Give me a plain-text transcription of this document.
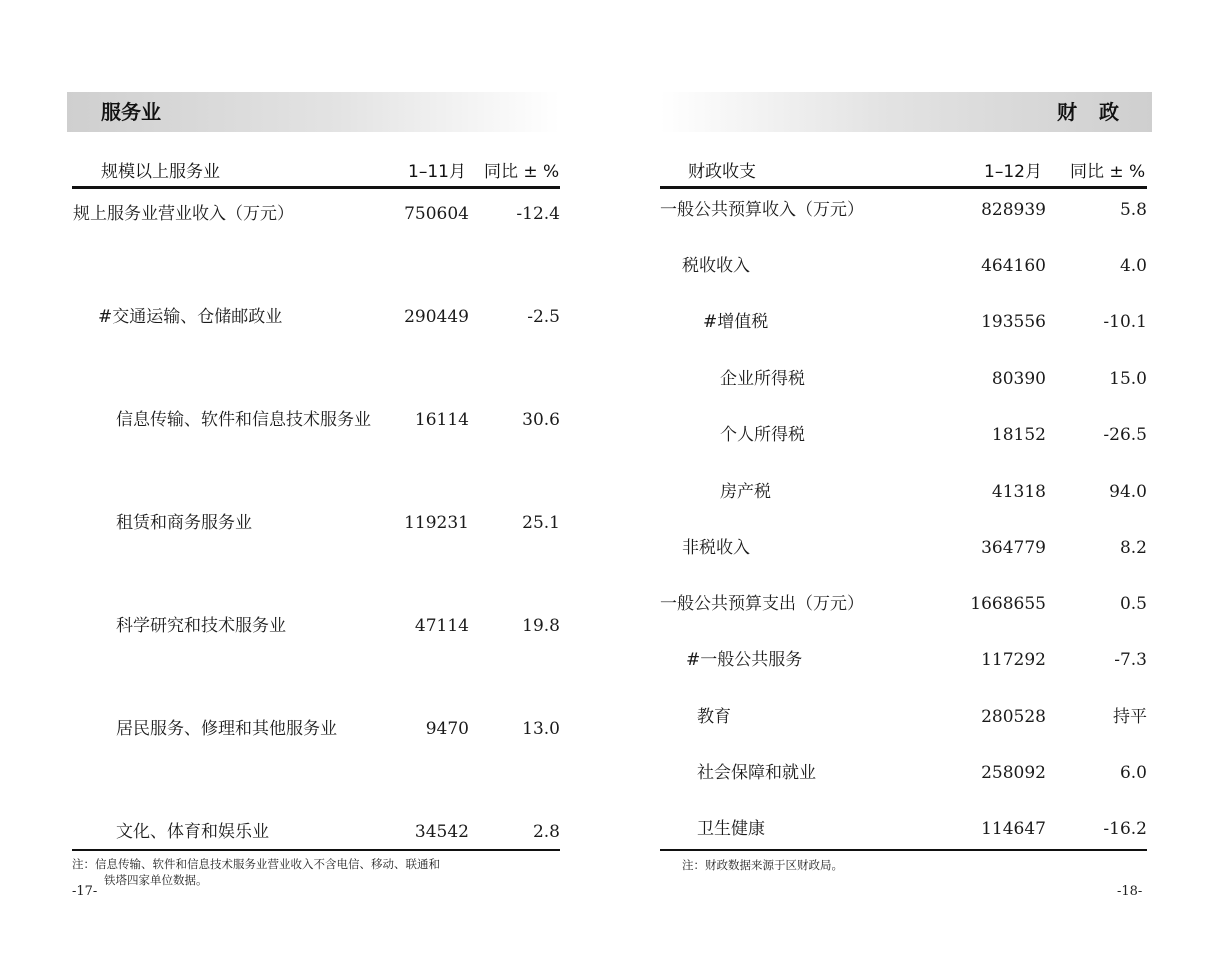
服务业
规模以上服务业	1–11月 同比 ± %
规上服务业营业收入（万元）	750604	-12.4
#交通运输、仓储邮政业	290449	-2.5
信息传输、软件和信息技术服务业	16114	30.6
租赁和商务服务业	119231	25.1
科学研究和技术服务业	47114	19.8
居民服务、修理和其他服务业	9470	13.0
文化、体育和娱乐业	34542	2.8
注：信息传输、软件和信息技术服务业营业收入不含电信、移动、联通和
铁塔四家单位数据。
-17-
财　政
财政收支	1–12月 同比 ± %
一般公共预算收入（万元）	828939	5.8
税收收入	464160	4.0
#增值税	193556	-10.1
企业所得税	80390	15.0
个人所得税	18152	-26.5
房产税	41318	94.0
非税收入	364779	8.2
一般公共预算支出（万元）	1668655	0.5
#一般公共服务	117292	-7.3
教育	280528	持平
社会保障和就业	258092	6.0
卫生健康	114647	-16.2
注：财政数据来源于区财政局。
-18-
